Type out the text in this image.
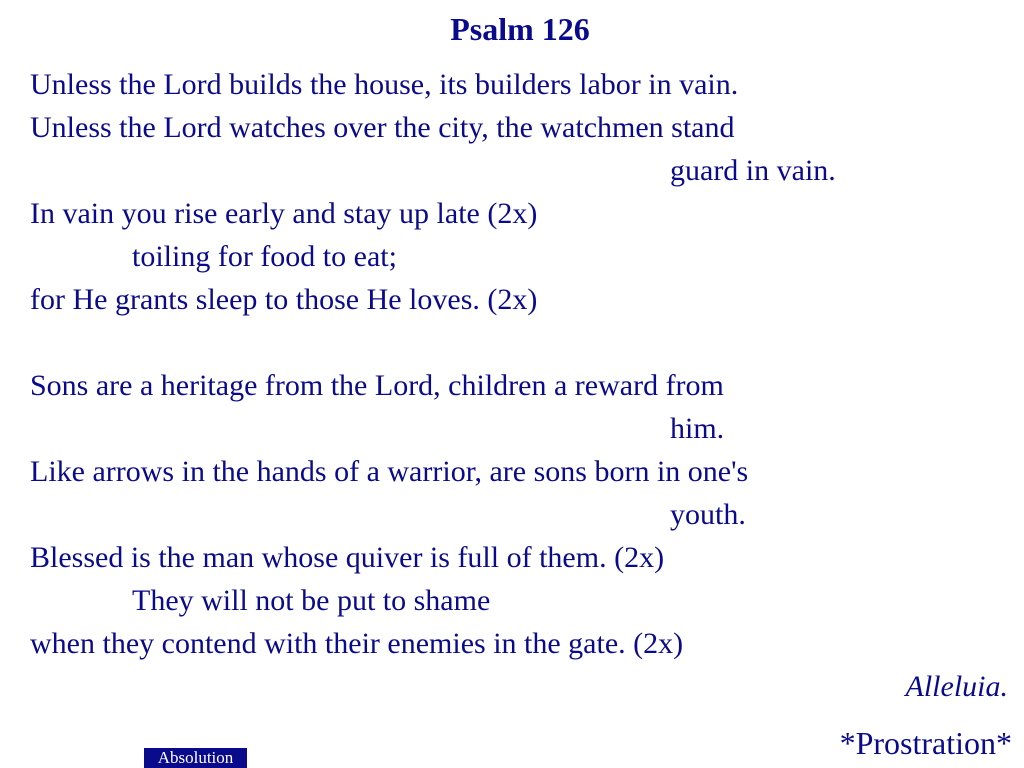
Psalm 126
Unless the Lord builds the house, its builders labor in vain.
Unless the Lord watches over the city, the watchmen stand
guard in vain.
In vain you rise early and stay up late (2x)
toiling for food to eat;
for He grants sleep to those He loves. (2x)
Sons are a heritage from the Lord, children a reward from
him.
Like arrows in the hands of a warrior, are sons born in one's
youth.
Blessed is the man whose quiver is full of them. (2x)
They will not be put to shame
when they contend with their enemies in the gate. (2x)
Alleluia.
*Prostration*
Absolution
